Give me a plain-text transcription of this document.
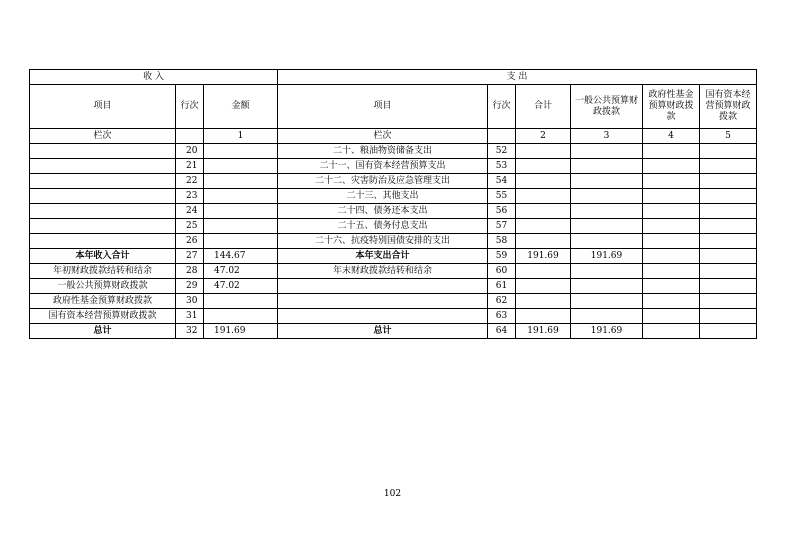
收 入			支 出					
项目	行次	金额	项目	行次	合计	一般公共预算财政拨款	政府性基金预算财政拨款	国有资本经营预算财政拨款
栏次		1	栏次		2	3	4	5
	20		二十、粮油物资储备支出	52				
	21		二十一、国有资本经营预算支出	53				
	22		二十二、灾害防治及应急管理支出	54				
	23		二十三、其他支出	55				
	24		二十四、债务还本支出	56				
	25		二十五、债务付息支出	57				
	26		二十六、抗疫特别国债安排的支出	58				
本年收入合计	27	144.67	本年支出合计	59	191.69	191.69		
年初财政拨款结转和结余	28	47.02	年末财政拨款结转和结余	60				
一般公共预算财政拨款	29	47.02		61				
政府性基金预算财政拨款	30			62				
国有资本经营预算财政拨款	31			63				
总计	32	191.69	总计	64	191.69	191.69		
102
